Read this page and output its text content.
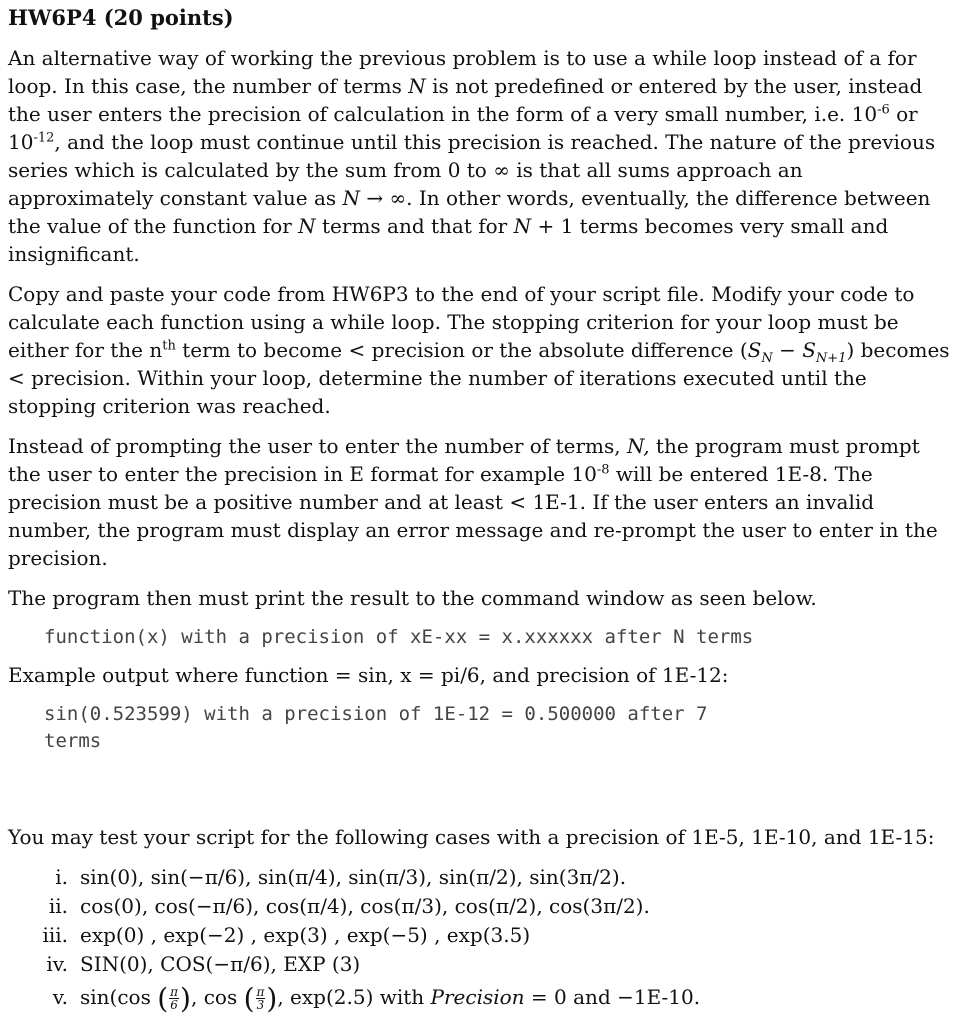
HW6P4 (20 points)

An alternative way of working the previous problem is to use a while loop instead of a for loop. In this case, the number of terms N is not predefined or entered by the user, instead the user enters the precision of calculation in the form of a very small number, i.e. $10^{-6}$ or $10^{-12}$, and the loop must continue until this precision is reached. The nature of the previous series which is calculated by the sum from 0 to ∞ is that all sums approach an approximately constant value as N → ∞. In other words, eventually, the difference between the value of the function for N terms and that for N + 1 terms becomes very small and insignificant.

Copy and paste your code from HW6P3 to the end of your script file. Modify your code to calculate each function using a while loop. The stopping criterion for your loop must be either for the $n^{th}$ term to become < precision or the absolute difference $(S_N - S_{N+1})$ becomes < precision. Within your loop, determine the number of iterations executed until the stopping criterion was reached.

Instead of prompting the user to enter the number of terms, N, the program must prompt the user to enter the precision in E format for example $10^{-8}$ will be entered 1E-8. The precision must be a positive number and at least < 1E-1. If the user enters an invalid number, the program must display an error message and re-prompt the user to enter in the precision.

The program then must print the result to the command window as seen below.

function(x) with a precision of xE-xx = x.xxxxxx after N terms

Example output where function = sin, x = pi/6, and precision of 1E-12:

sin(0.523599) with a precision of 1E-12 = 0.500000 after 7
terms

You may test your script for the following cases with a precision of 1E-5, 1E-10, and 1E-15:

i. sin(0), sin(−π/6), sin(π/4), sin(π/3), sin(π/2), sin(3π/2).
ii. cos(0), cos(−π/6), cos(π/4), cos(π/3), cos(π/2), cos(3π/2).
iii. exp(0) , exp(−2) , exp(3) , exp(−5) , exp(3.5)
iv. SIN(0), COS(−π/6), EXP (3)
v. sin(cos ( $\frac{\pi}{6}$ ), cos ( $\frac{\pi}{3}$ ), exp(2.5) with Precision = 0 and −1E-10.
